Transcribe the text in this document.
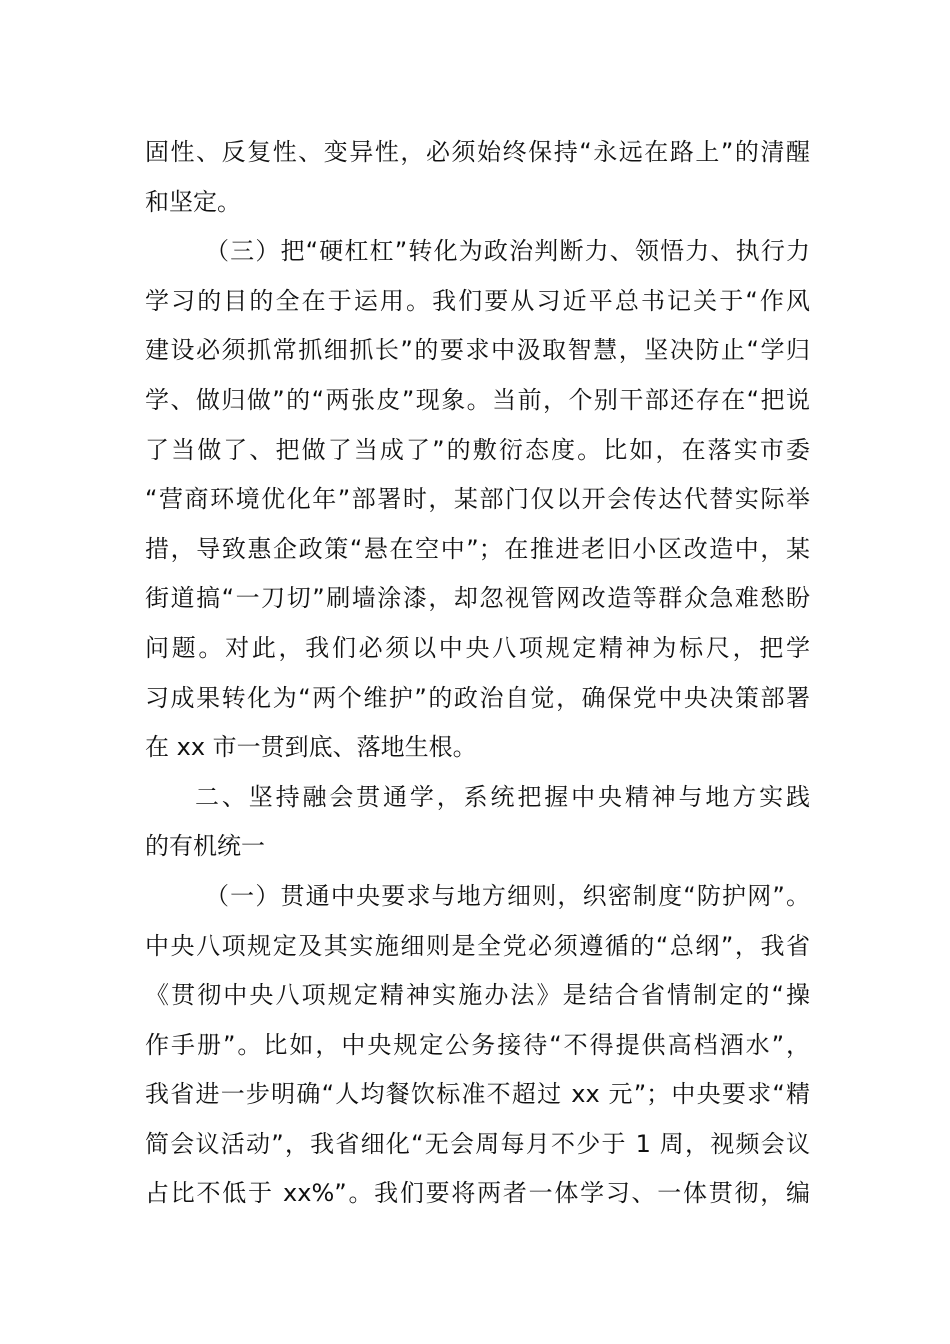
固性、反复性、变异性，必须始终保持“永远在路上”的清醒
和坚定。
（三）把“硬杠杠”转化为政治判断力、领悟力、执行力
学习的目的全在于运用。我们要从习近平总书记关于“作风
建设必须抓常抓细抓长”的要求中汲取智慧，坚决防止“学归
学、做归做”的“两张皮”现象。当前，个别干部还存在“把说
了当做了、把做了当成了”的敷衍态度。比如，在落实市委
“营商环境优化年”部署时，某部门仅以开会传达代替实际举
措，导致惠企政策“悬在空中”；在推进老旧小区改造中，某
街道搞“一刀切”刷墙涂漆，却忽视管网改造等群众急难愁盼
问题。对此，我们必须以中央八项规定精神为标尺，把学
习成果转化为“两个维护”的政治自觉，确保党中央决策部署
在 xx 市一贯到底、落地生根。
二、坚持融会贯通学，系统把握中央精神与地方实践
的有机统一
（一）贯通中央要求与地方细则，织密制度“防护网”。
中央八项规定及其实施细则是全党必须遵循的“总纲”，我省
《贯彻中央八项规定精神实施办法》是结合省情制定的“操
作手册”。比如，中央规定公务接待“不得提供高档酒水”，
我省进一步明确“人均餐饮标准不超过 xx 元”；中央要求“精
简会议活动”，我省细化“无会周每月不少于 1 周，视频会议
占比不低于 xx%”。我们要将两者一体学习、一体贯彻，编
